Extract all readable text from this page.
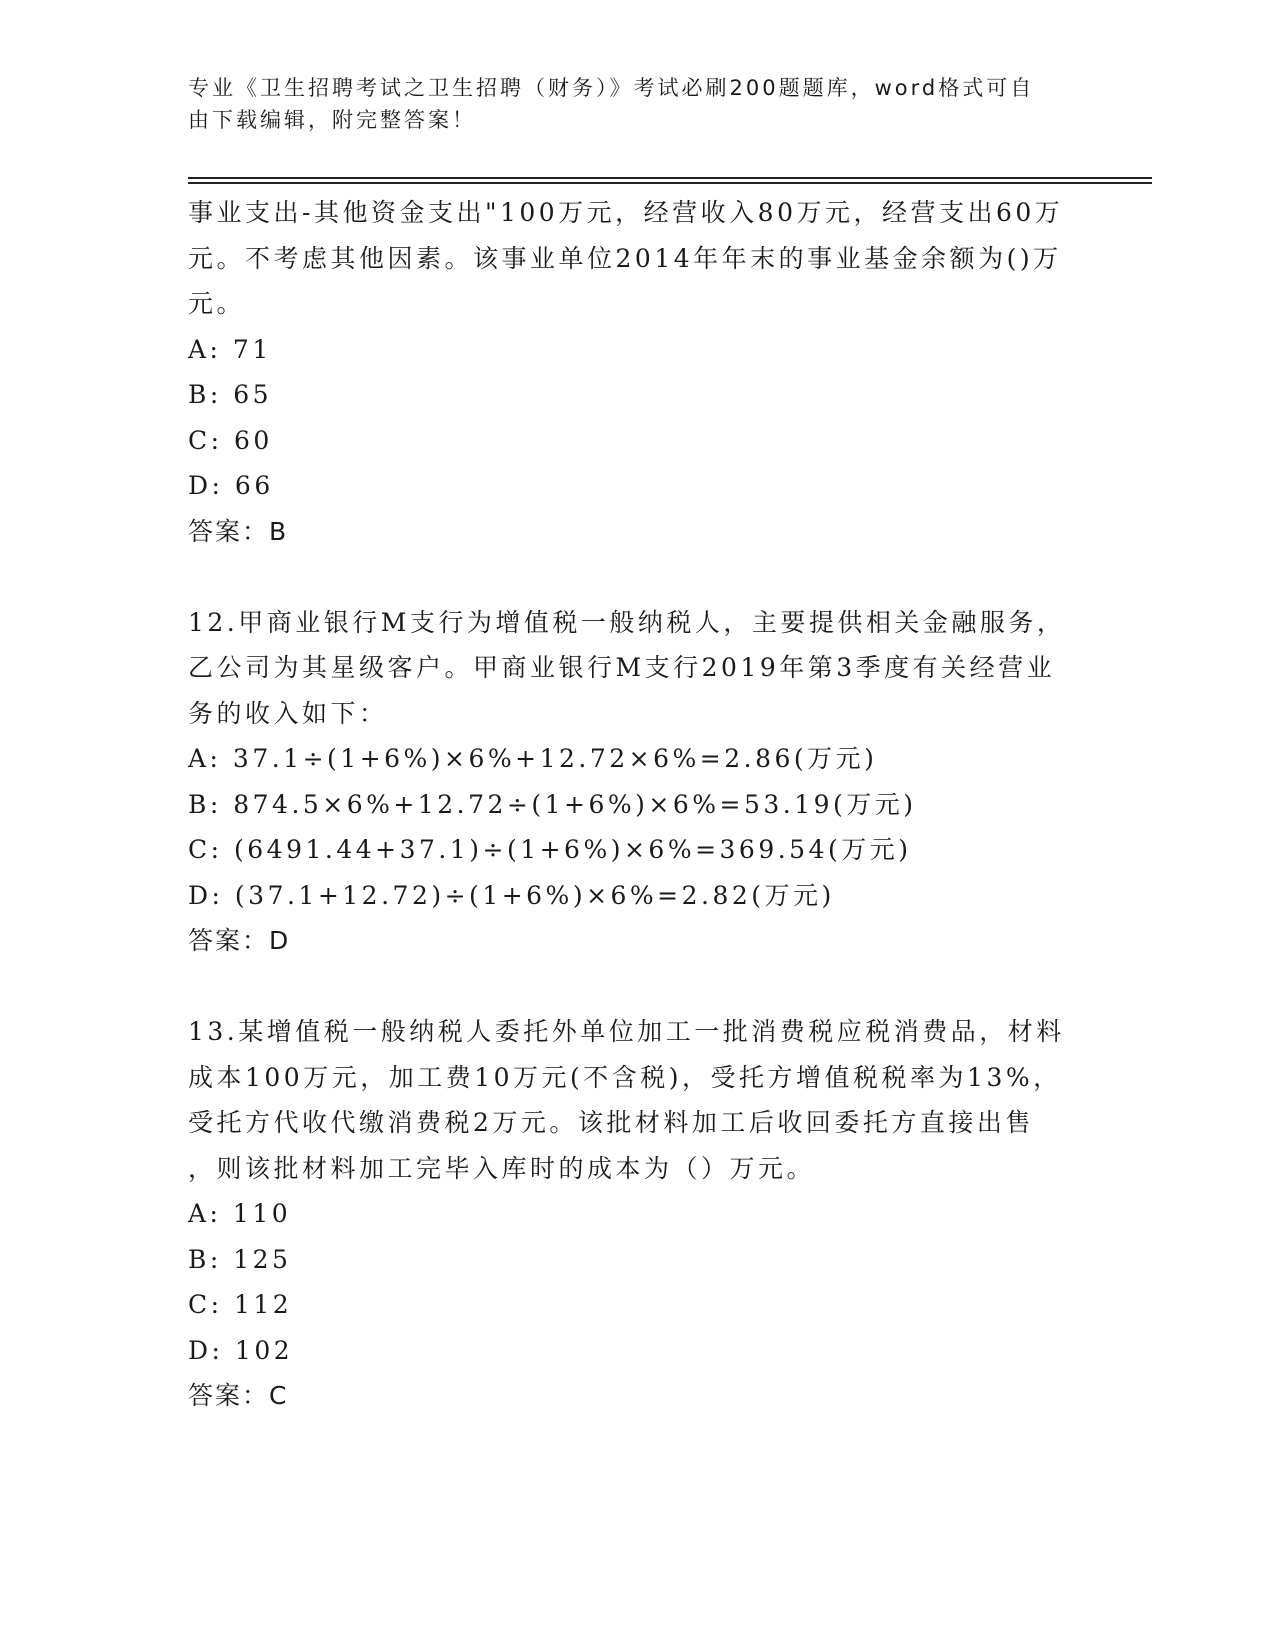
专业《卫生招聘考试之卫生招聘（财务）》考试必刷200题题库，word格式可自
由下载编辑，附完整答案！
事业支出-其他资金支出"100万元，经营收入80万元，经营支出60万
元。不考虑其他因素。该事业单位2014年年末的事业基金余额为()万
元。
A: 71
B: 65
C: 60
D: 66
答案：B
12.甲商业银行M支行为增值税一般纳税人，主要提供相关金融服务，
乙公司为其星级客户。甲商业银行M支行2019年第3季度有关经营业
务的收入如下：
A: 37.1÷(1+6%)×6%+12.72×6%=2.86(万元)
B: 874.5×6%+12.72÷(1+6%)×6%=53.19(万元)
C: (6491.44+37.1)÷(1+6%)×6%=369.54(万元)
D: (37.1+12.72)÷(1+6%)×6%=2.82(万元)
答案：D
13.某增值税一般纳税人委托外单位加工一批消费税应税消费品，材料
成本100万元，加工费10万元(不含税)，受托方增值税税率为13%，
受托方代收代缴消费税2万元。该批材料加工后收回委托方直接出售
，则该批材料加工完毕入库时的成本为（）万元。
A: 110
B: 125
C: 112
D: 102
答案：C
